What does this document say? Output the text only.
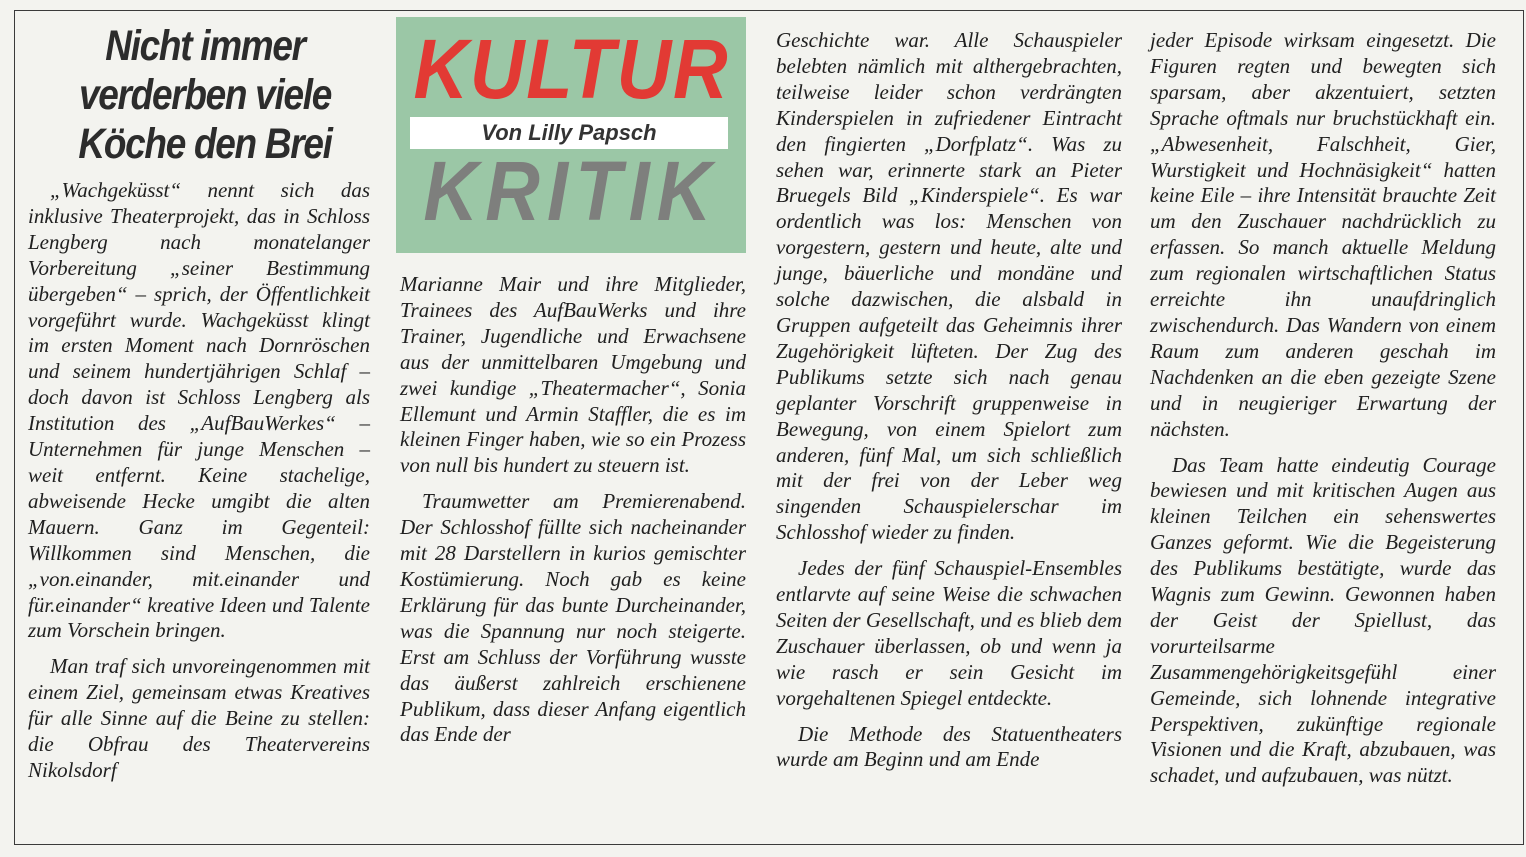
Nicht immer
verderben viele
Köche den Brei
KULTUR
Von Lilly Papsch
KRITIK

„Wachgeküsst“ nennt sich das inklusive Theaterprojekt, das in Schloss Lengberg nach monatelanger Vorbereitung „seiner Bestimmung übergeben“ – sprich, der Öffentlichkeit vorgeführt wurde. Wachgeküsst klingt im ersten Moment nach Dornröschen und seinem hundertjährigen Schlaf – doch davon ist Schloss Lengberg als Institution des „AufBauWerkes“ – Unternehmen für junge Menschen – weit entfernt. Keine stachelige, abweisende Hecke umgibt die alten Mauern. Ganz im Gegenteil: Willkommen sind Menschen, die „von.einander, mit.einander und für.einander“ kreative Ideen und Talente zum Vorschein bringen.

Man traf sich unvoreingenommen mit einem Ziel, gemeinsam etwas Kreatives für alle Sinne auf die Beine zu stellen: die Obfrau des Theatervereins Nikolsdorf

Marianne Mair und ihre Mitglieder, Trainees des AufBauWerks und ihre Trainer, Jugendliche und Erwachsene aus der unmittelbaren Umgebung und zwei kundige „Theatermacher“, Sonia Ellemunt und Armin Staffler, die es im kleinen Finger haben, wie so ein Prozess von null bis hundert zu steuern ist.

Traumwetter am Premierenabend. Der Schlosshof füllte sich nacheinander mit 28 Darstellern in kurios gemischter Kostümierung. Noch gab es keine Erklärung für das bunte Durcheinander, was die Spannung nur noch steigerte. Erst am Schluss der Vorführung wusste das äußerst zahlreich erschienene Publikum, dass dieser Anfang eigentlich das Ende der

Geschichte war. Alle Schauspieler belebten nämlich mit althergebrachten, teilweise leider schon verdrängten Kinderspielen in zufriedener Eintracht den fingierten „Dorfplatz“. Was zu sehen war, erinnerte stark an Pieter Bruegels Bild „Kinderspiele“. Es war ordentlich was los: Menschen von vorgestern, gestern und heute, alte und junge, bäuerliche und mondäne und solche dazwischen, die alsbald in Gruppen aufgeteilt das Geheimnis ihrer Zugehörigkeit lüfteten. Der Zug des Publikums setzte sich nach genau geplanter Vorschrift gruppenweise in Bewegung, von einem Spielort zum anderen, fünf Mal, um sich schließlich mit der frei von der Leber weg singenden Schauspielerschar im Schlosshof wieder zu finden.

Jedes der fünf Schauspiel-Ensembles entlarvte auf seine Weise die schwachen Seiten der Gesellschaft, und es blieb dem Zuschauer überlassen, ob und wenn ja wie rasch er sein Gesicht im vorgehaltenen Spiegel entdeckte.

Die Methode des Statuentheaters wurde am Beginn und am Ende

jeder Episode wirksam eingesetzt. Die Figuren regten und bewegten sich sparsam, aber akzentuiert, setzten Sprache oftmals nur bruchstückhaft ein. „Abwesenheit, Falschheit, Gier, Wurstigkeit und Hochnäsigkeit“ hatten keine Eile – ihre Intensität brauchte Zeit um den Zuschauer nachdrücklich zu erfassen. So manch aktuelle Meldung zum regionalen wirtschaftlichen Status erreichte ihn unaufdringlich zwischendurch. Das Wandern von einem Raum zum anderen geschah im Nachdenken an die eben gezeigte Szene und in neugieriger Erwartung der nächsten.

Das Team hatte eindeutig Courage bewiesen und mit kritischen Augen aus kleinen Teilchen ein sehenswertes Ganzes geformt. Wie die Begeisterung des Publikums bestätigte, wurde das Wagnis zum Gewinn. Gewonnen haben der Geist der Spiellust, das vorurteilsarme Zusammengehörigkeitsgefühl einer Gemeinde, sich lohnende integrative Perspektiven, zukünftige regionale Visionen und die Kraft, abzubauen, was schadet, und aufzubauen, was nützt.
